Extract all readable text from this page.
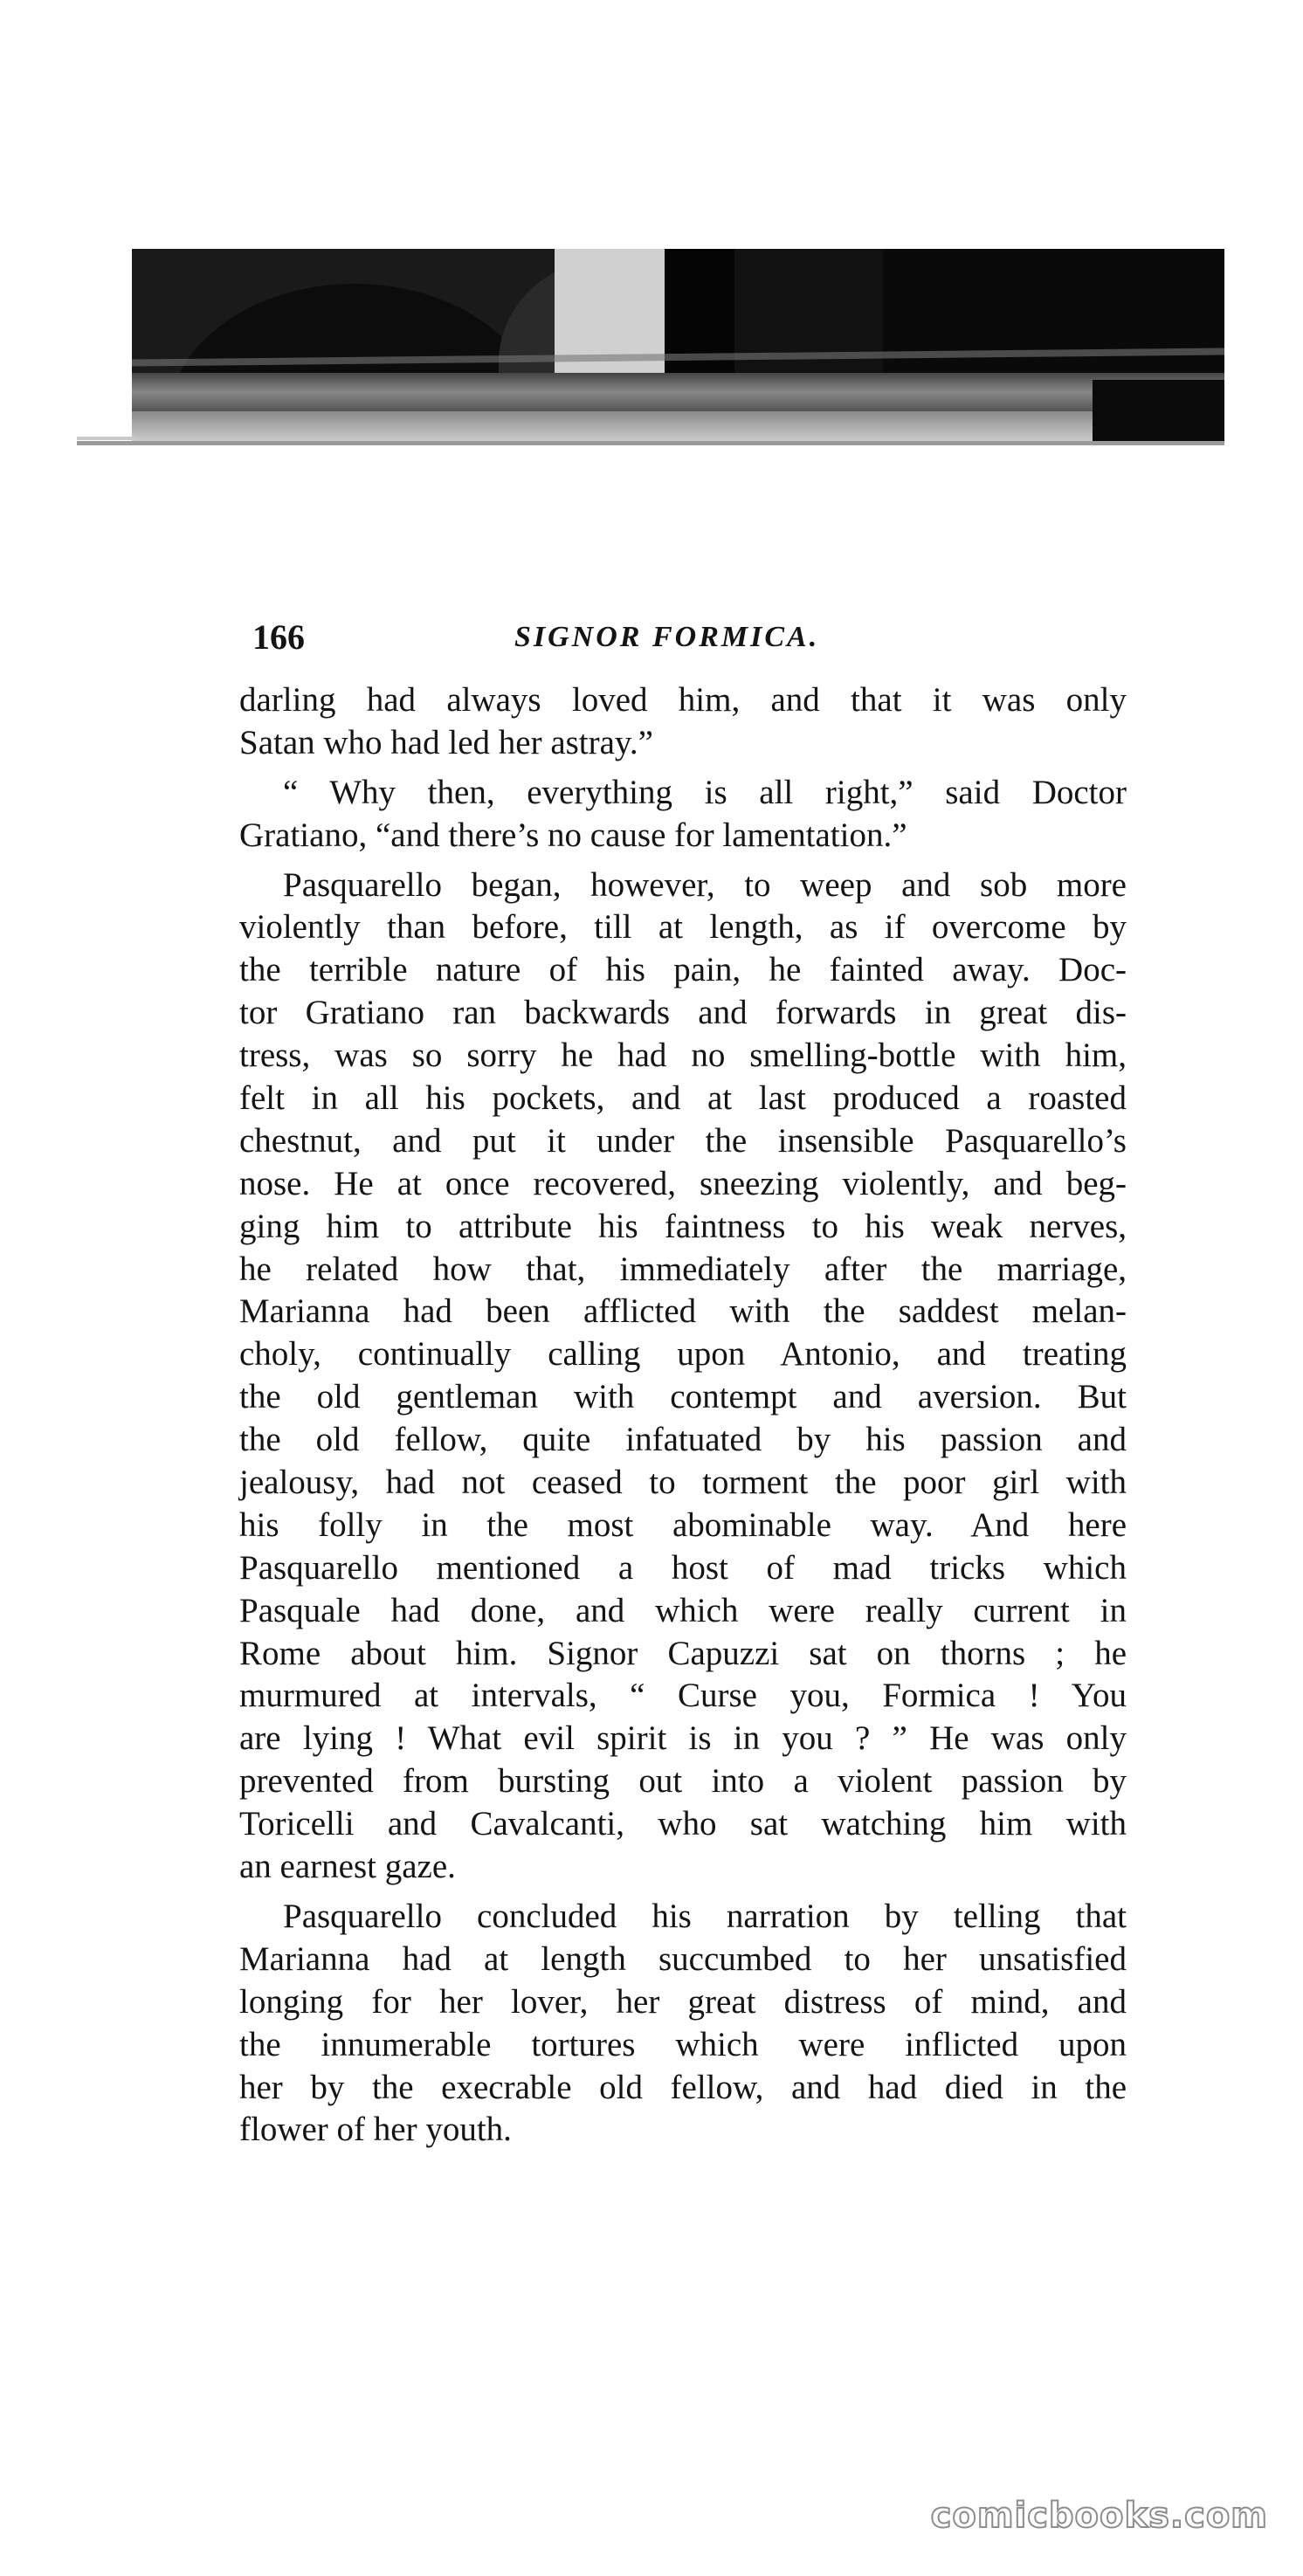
166	SIGNOR FORMICA.
darling had always loved him, and that it was only
Satan who had led her astray.”
“ Why then, everything is all right,” said Doctor
Gratiano, “and there’s no cause for lamentation.”
Pasquarello began, however, to weep and sob more
violently than before, till at length, as if overcome by
the terrible nature of his pain, he fainted away. Doc-
tor Gratiano ran backwards and forwards in great dis-
tress, was so sorry he had no smelling-bottle with him,
felt in all his pockets, and at last produced a roasted
chestnut, and put it under the insensible Pasquarello’s
nose. He at once recovered, sneezing violently, and beg-
ging him to attribute his faintness to his weak nerves,
he related how that, immediately after the marriage,
Marianna had been afflicted with the saddest melan-
choly, continually calling upon Antonio, and treating
the old gentleman with contempt and aversion. But
the old fellow, quite infatuated by his passion and
jealousy, had not ceased to torment the poor girl with
his folly in the most abominable way. And here
Pasquarello mentioned a host of mad tricks which
Pasquale had done, and which were really current in
Rome about him. Signor Capuzzi sat on thorns ; he
murmured at intervals, “ Curse you, Formica ! You
are lying ! What evil spirit is in you ? ” He was only
prevented from bursting out into a violent passion by
Toricelli and Cavalcanti, who sat watching him with
an earnest gaze.
Pasquarello concluded his narration by telling that
Marianna had at length succumbed to her unsatisfied
longing for her lover, her great distress of mind, and
the innumerable tortures which were inflicted upon
her by the execrable old fellow, and had died in the
flower of her youth.
comicbooks.com
